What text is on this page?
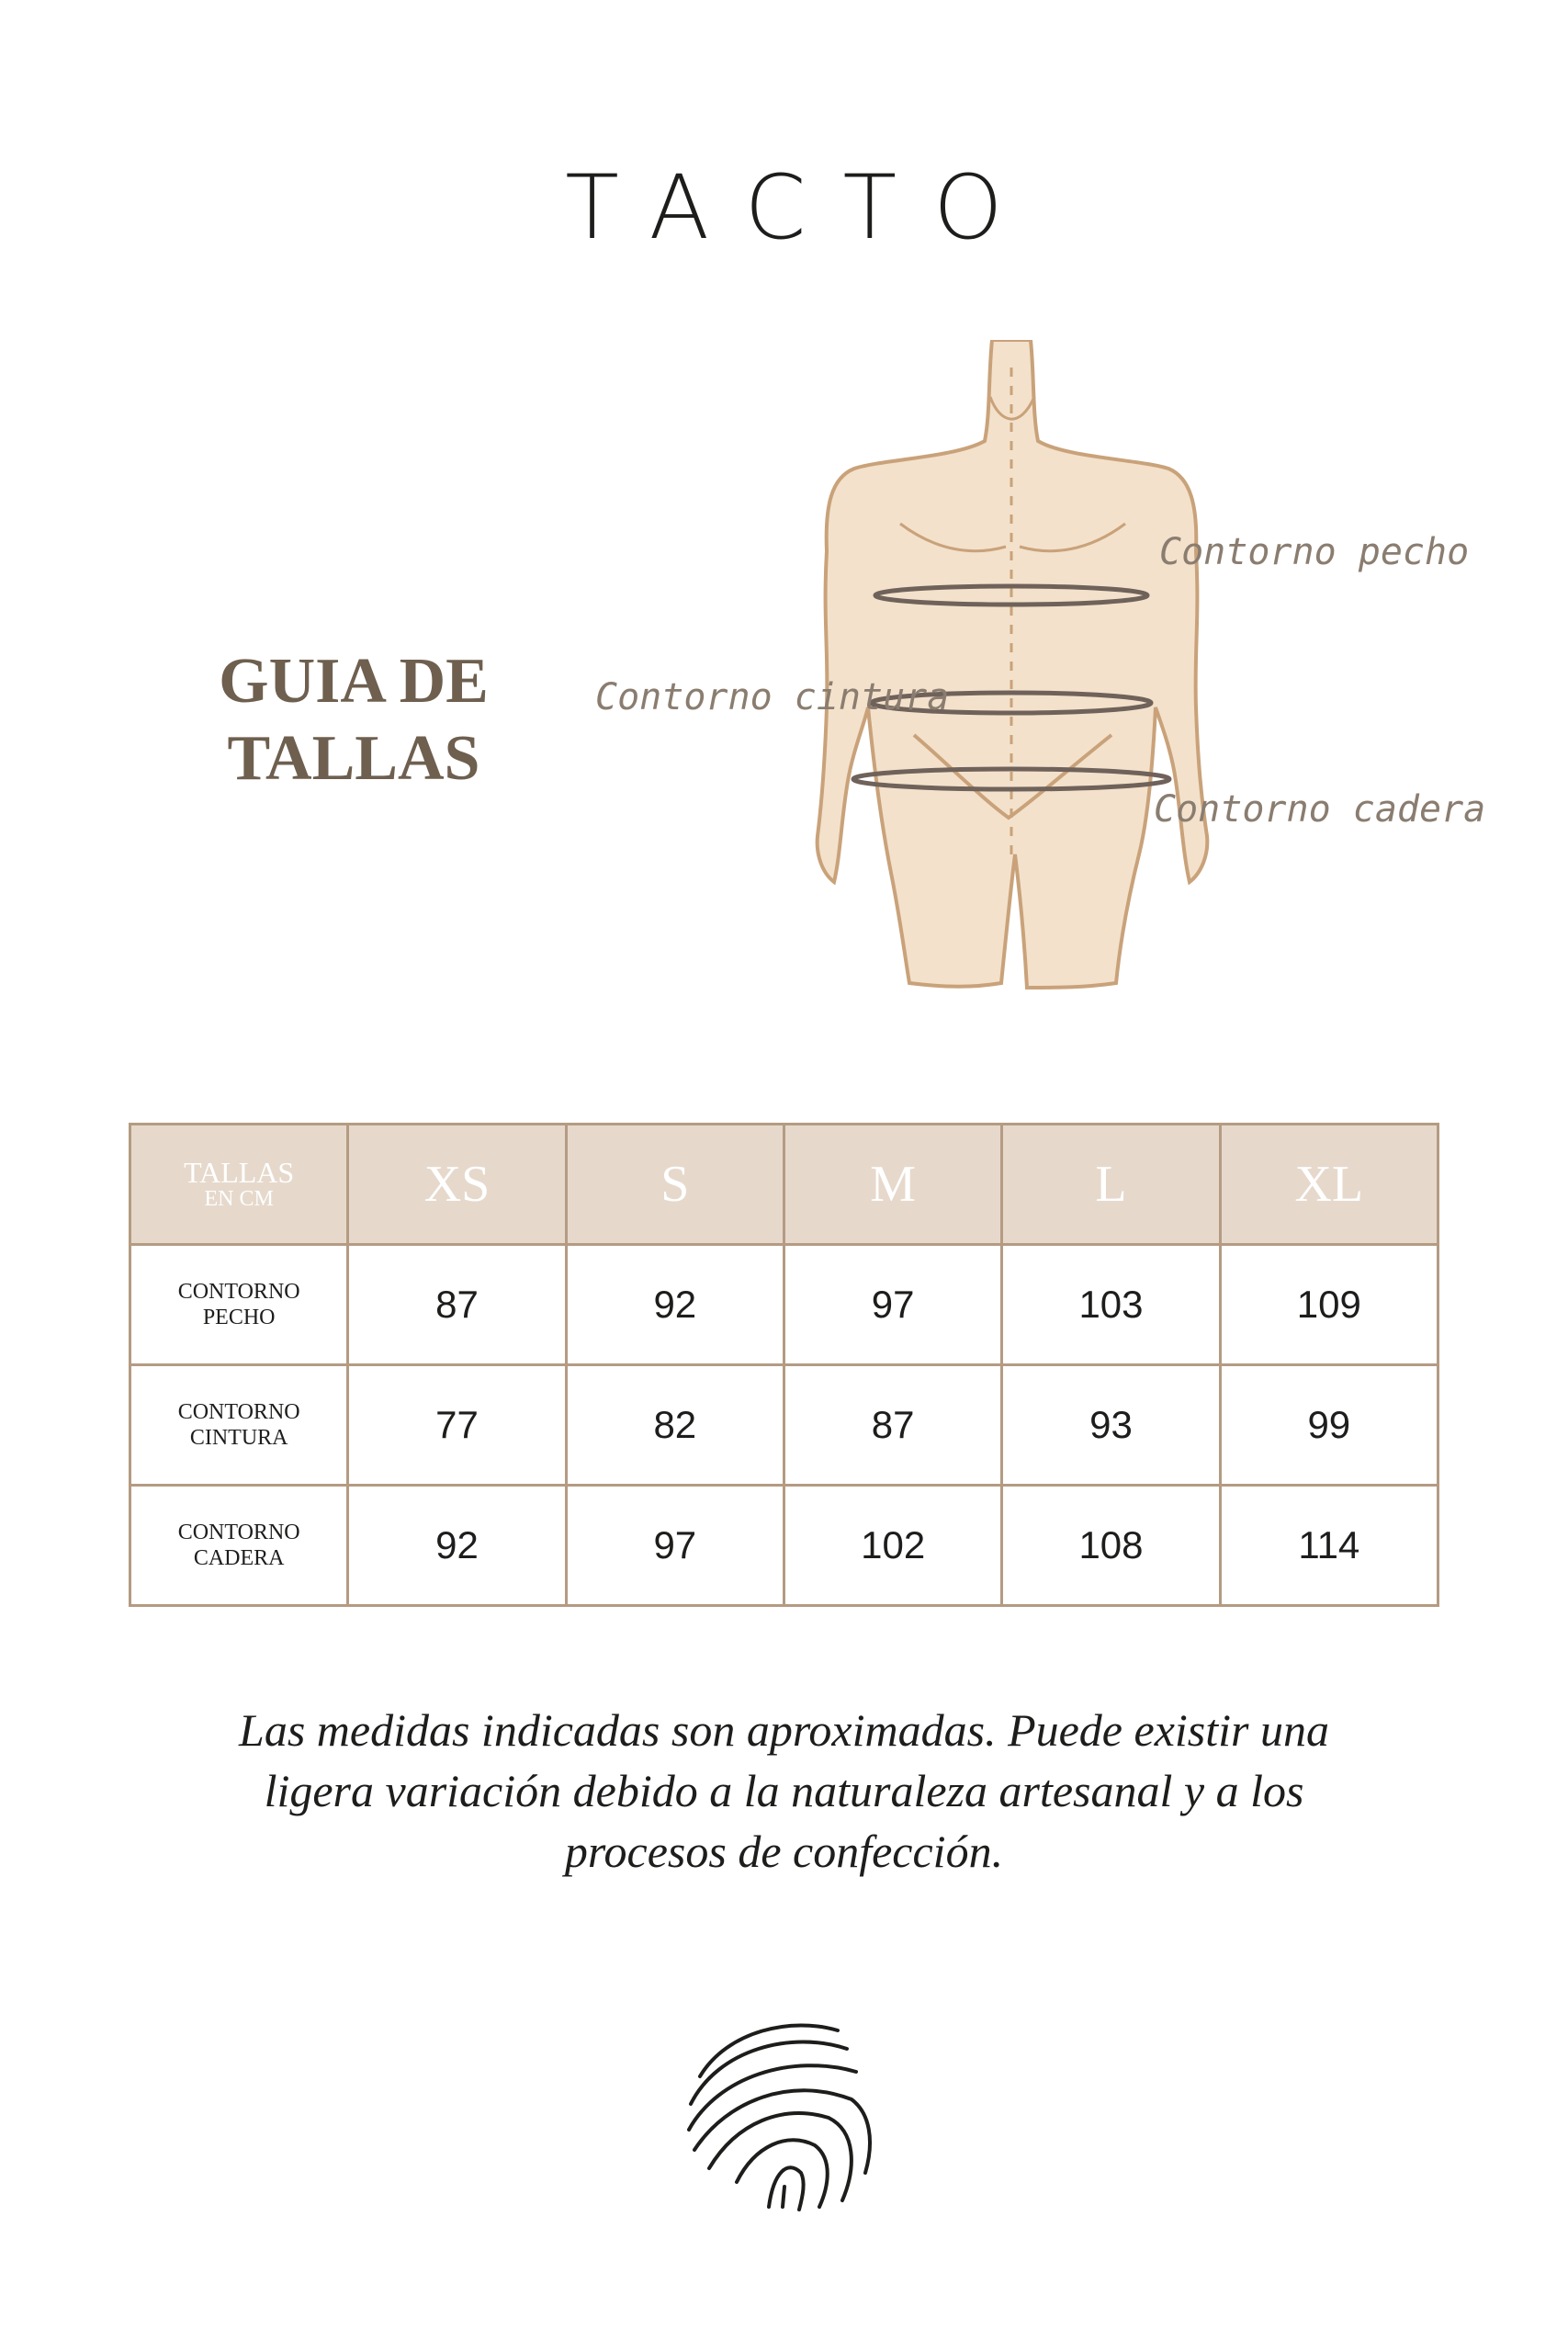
TACTO
GUIA DE
TALLAS
Contorno pecho
Contorno cintura
Contorno cadera
TALLAS
EN CM	XS	S	M	L	XL

CONTORNO
PECHO	87	92	97	103	109

CONTORNO
CINTURA	77	82	87	93	99

CONTORNO
CADERA	92	97	102	108	114
Las medidas indicadas son aproximadas. Puede existir una
ligera variación debido a la naturaleza artesanal y a los
procesos de confección.
